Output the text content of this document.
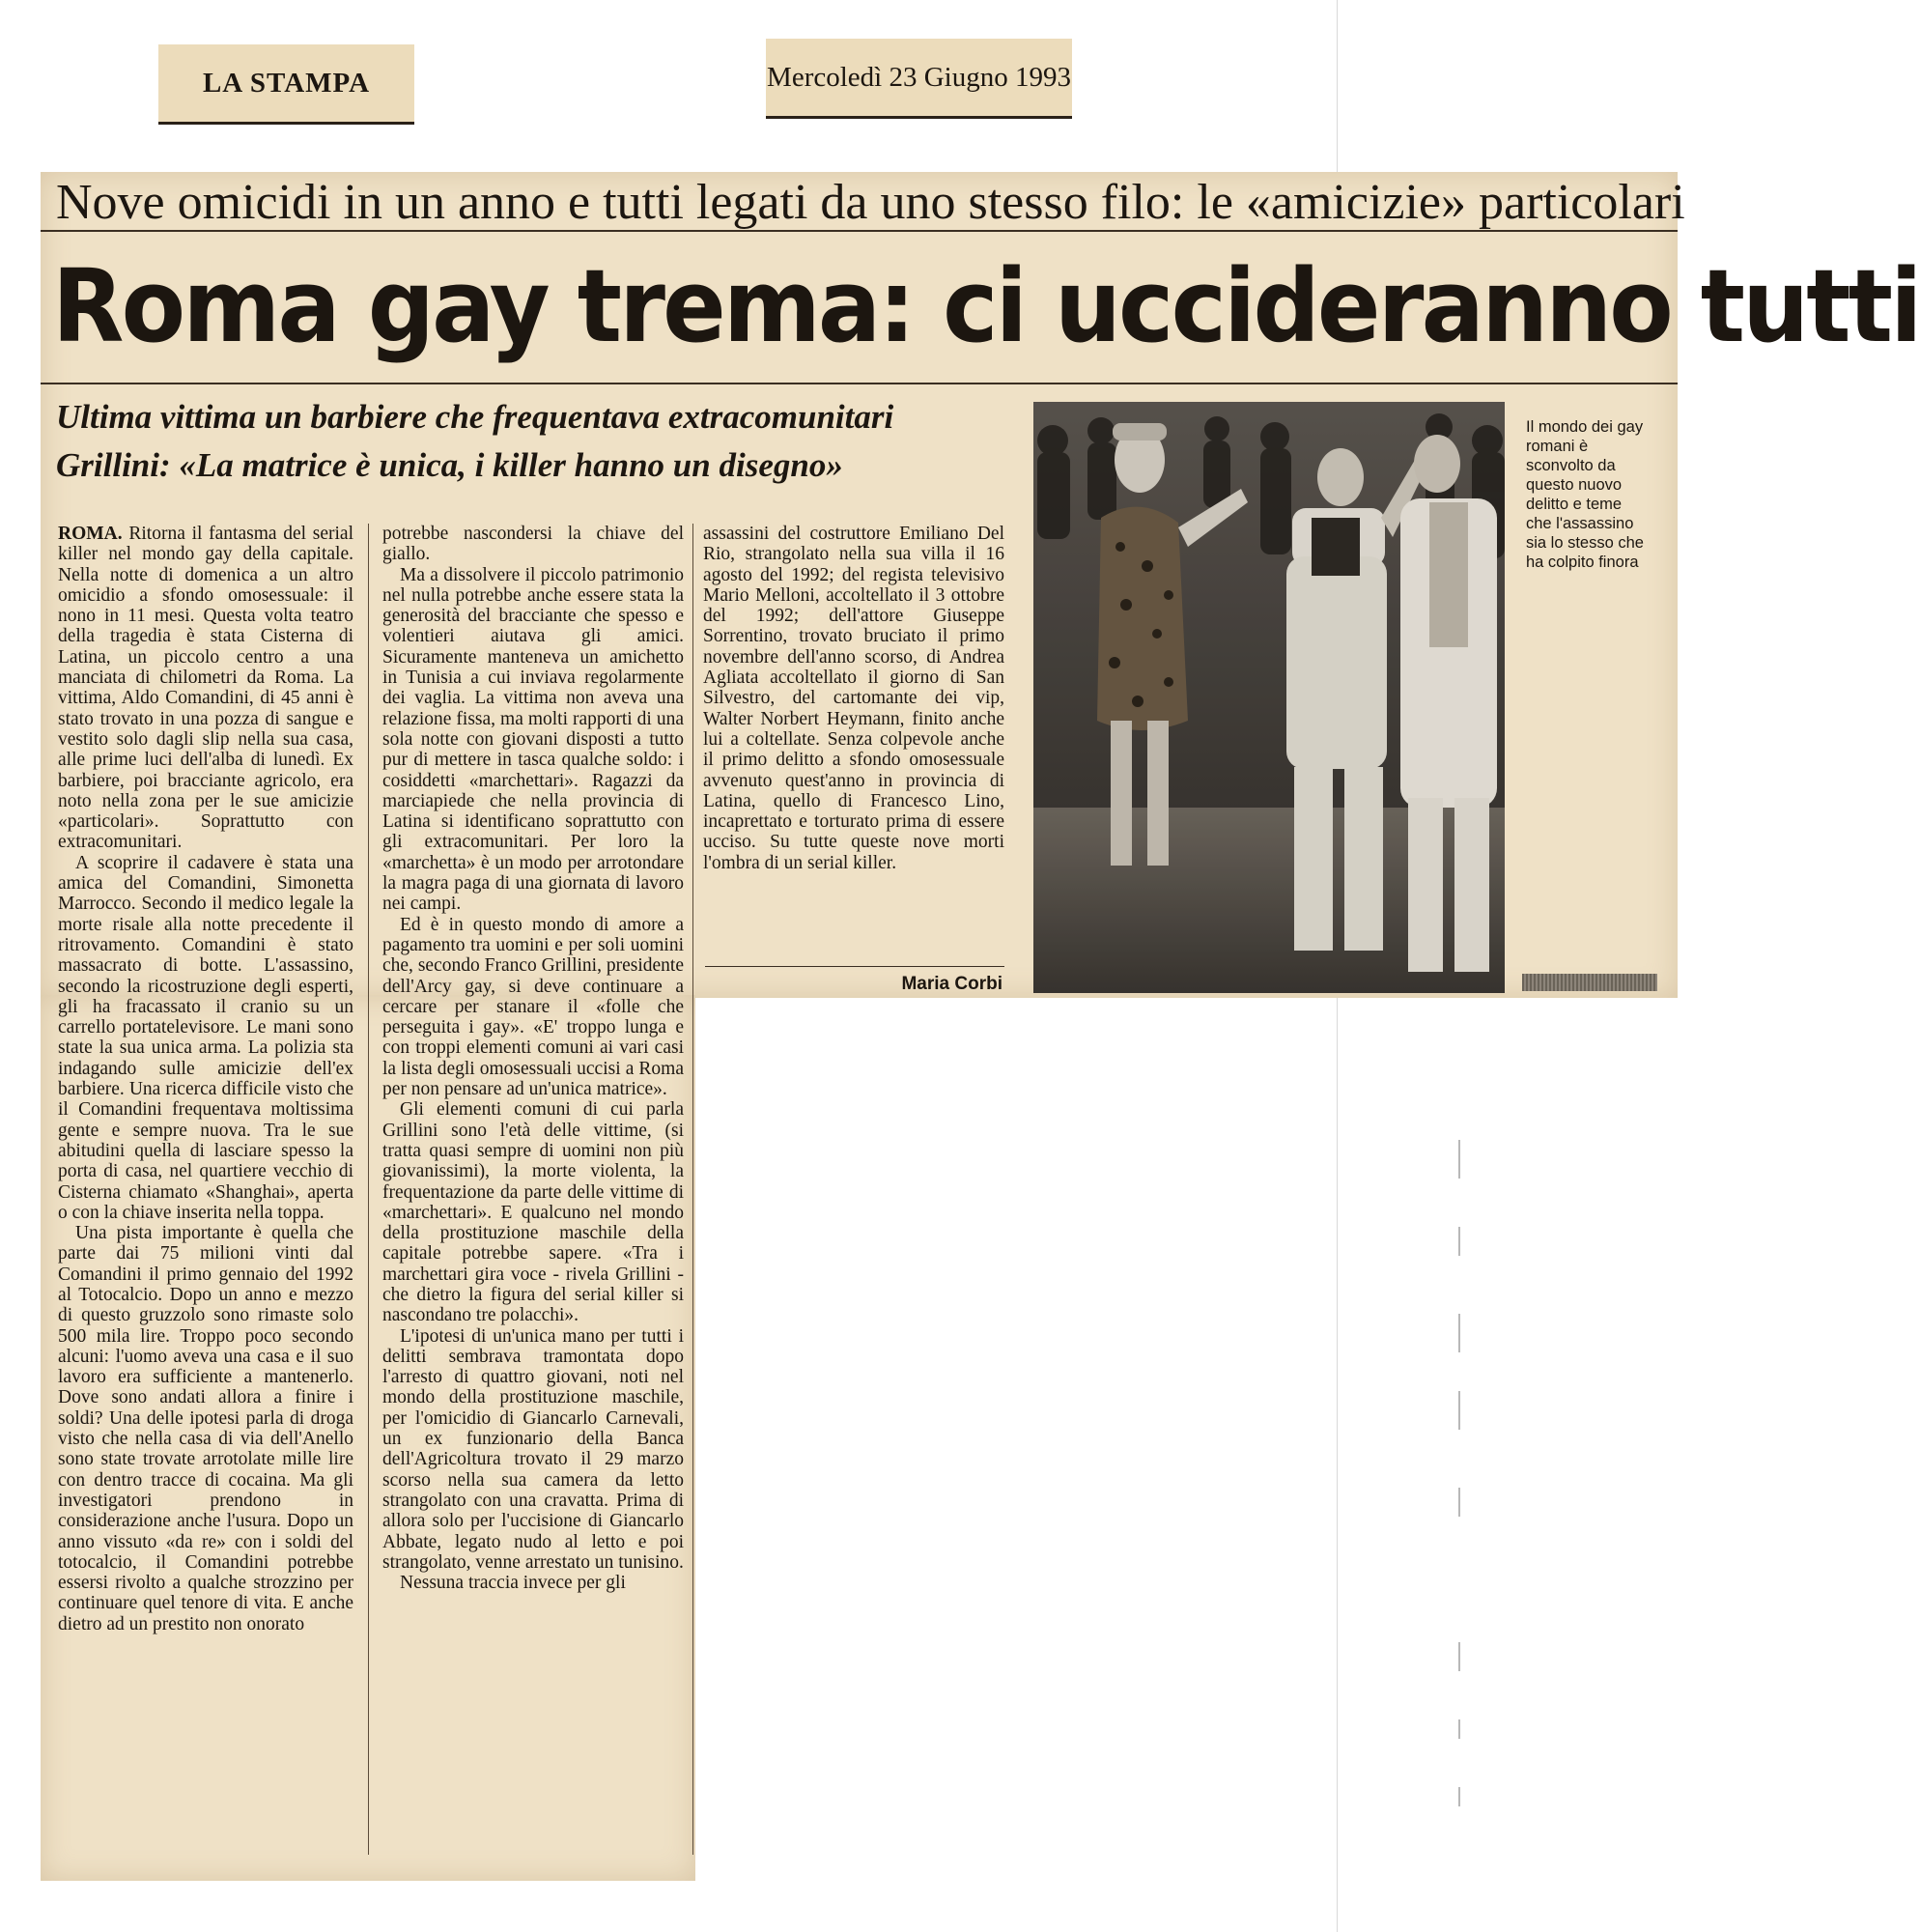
LA STAMPA	Mercoledì 23 Giugno 1993
Nove omicidi in un anno e tutti legati da uno stesso filo: le «amicizie» particolari
Roma gay trema: ci uccideranno tutti
Ultima vittima un barbiere che frequentava extracomunitari
Grillini: «La matrice è unica, i killer hanno un disegno»

ROMA. Ritorna il fantasma del serial killer nel mondo gay della capitale. Nella notte di domenica a un altro omicidio a sfondo omosessuale: il nono in 11 mesi. Questa volta teatro della tragedia è stata Cisterna di Latina, un piccolo centro a una manciata di chilometri da Roma. La vittima, Aldo Comandini, di 45 anni è stato trovato in una pozza di sangue e vestito solo dagli slip nella sua casa, alle prime luci dell'alba di lunedì. Ex barbiere, poi bracciante agricolo, era noto nella zona per le sue amicizie «particolari». Soprattutto con extracomunitari.

A scoprire il cadavere è stata una amica del Comandini, Simonetta Marrocco. Secondo il medico legale la morte risale alla notte precedente il ritrovamento. Comandini è stato massacrato di botte. L'assassino, secondo la ricostruzione degli esperti, gli ha fracassato il cranio su un carrello portatelevisore. Le mani sono state la sua unica arma. La polizia sta indagando sulle amicizie dell'ex barbiere. Una ricerca difficile visto che il Comandini frequentava moltissima gente e sempre nuova. Tra le sue abitudini quella di lasciare spesso la porta di casa, nel quartiere vecchio di Cisterna chiamato «Shanghai», aperta o con la chiave inserita nella toppa.

Una pista importante è quella che parte dai 75 milioni vinti dal Comandini il primo gennaio del 1992 al Totocalcio. Dopo un anno e mezzo di questo gruzzolo sono rimaste solo 500 mila lire. Troppo poco secondo alcuni: l'uomo aveva una casa e il suo lavoro era sufficiente a mantenerlo. Dove sono andati allora a finire i soldi? Una delle ipotesi parla di droga visto che nella casa di via dell'Anello sono state trovate arrotolate mille lire con dentro tracce di cocaina. Ma gli investigatori prendono in considerazione anche l'usura. Dopo un anno vissuto «da re» con i soldi del totocalcio, il Comandini potrebbe essersi rivolto a qualche strozzino per continuare quel tenore di vita. E anche dietro ad un prestito non onorato

potrebbe nascondersi la chiave del giallo.

Ma a dissolvere il piccolo patrimonio nel nulla potrebbe anche essere stata la generosità del bracciante che spesso e volentieri aiutava gli amici. Sicuramente manteneva un amichetto in Tunisia a cui inviava regolarmente dei vaglia. La vittima non aveva una relazione fissa, ma molti rapporti di una sola notte con giovani disposti a tutto pur di mettere in tasca qualche soldo: i cosiddetti «marchettari». Ragazzi da marciapiede che nella provincia di Latina si identificano soprattutto con gli extracomunitari. Per loro la «marchetta» è un modo per arrotondare la magra paga di una giornata di lavoro nei campi.

Ed è in questo mondo di amore a pagamento tra uomini e per soli uomini che, secondo Franco Grillini, presidente dell'Arcy gay, si deve continuare a cercare per stanare il «folle che perseguita i gay». «E' troppo lunga e con troppi elementi comuni ai vari casi la lista degli omosessuali uccisi a Roma per non pensare ad un'unica matrice».

Gli elementi comuni di cui parla Grillini sono l'età delle vittime, (si tratta quasi sempre di uomini non più giovanissimi), la morte violenta, la frequentazione da parte delle vittime di «marchettari». E qualcuno nel mondo della prostituzione maschile della capitale potrebbe sapere. «Tra i marchettari gira voce - rivela Grillini - che dietro la figura del serial killer si nascondano tre polacchi».

L'ipotesi di un'unica mano per tutti i delitti sembrava tramontata dopo l'arresto di quattro giovani, noti nel mondo della prostituzione maschile, per l'omicidio di Giancarlo Carnevali, un ex funzionario della Banca dell'Agricoltura trovato il 29 marzo scorso nella sua camera da letto strangolato con una cravatta. Prima di allora solo per l'uccisione di Giancarlo Abbate, legato nudo al letto e poi strangolato, venne arrestato un tunisino.

Nessuna traccia invece per gli

assassini del costruttore Emiliano Del Rio, strangolato nella sua villa il 16 agosto del 1992; del regista televisivo Mario Melloni, accoltellato il 3 ottobre del 1992; dell'attore Giuseppe Sorrentino, trovato bruciato il primo novembre dell'anno scorso, di Andrea Agliata accoltellato il giorno di San Silvestro, del cartomante dei vip, Walter Norbert Heymann, finito anche lui a coltellate. Senza colpevole anche il primo delitto a sfondo omosessuale avvenuto quest'anno in provincia di Latina, quello di Francesco Lino, incaprettato e torturato prima di essere ucciso. Su tutte queste nove morti l'ombra di un serial killer.

Maria Corbi
Il mondo dei gay romani è sconvolto da questo nuovo delitto e teme che l'assassino sia lo stesso che ha colpito finora
